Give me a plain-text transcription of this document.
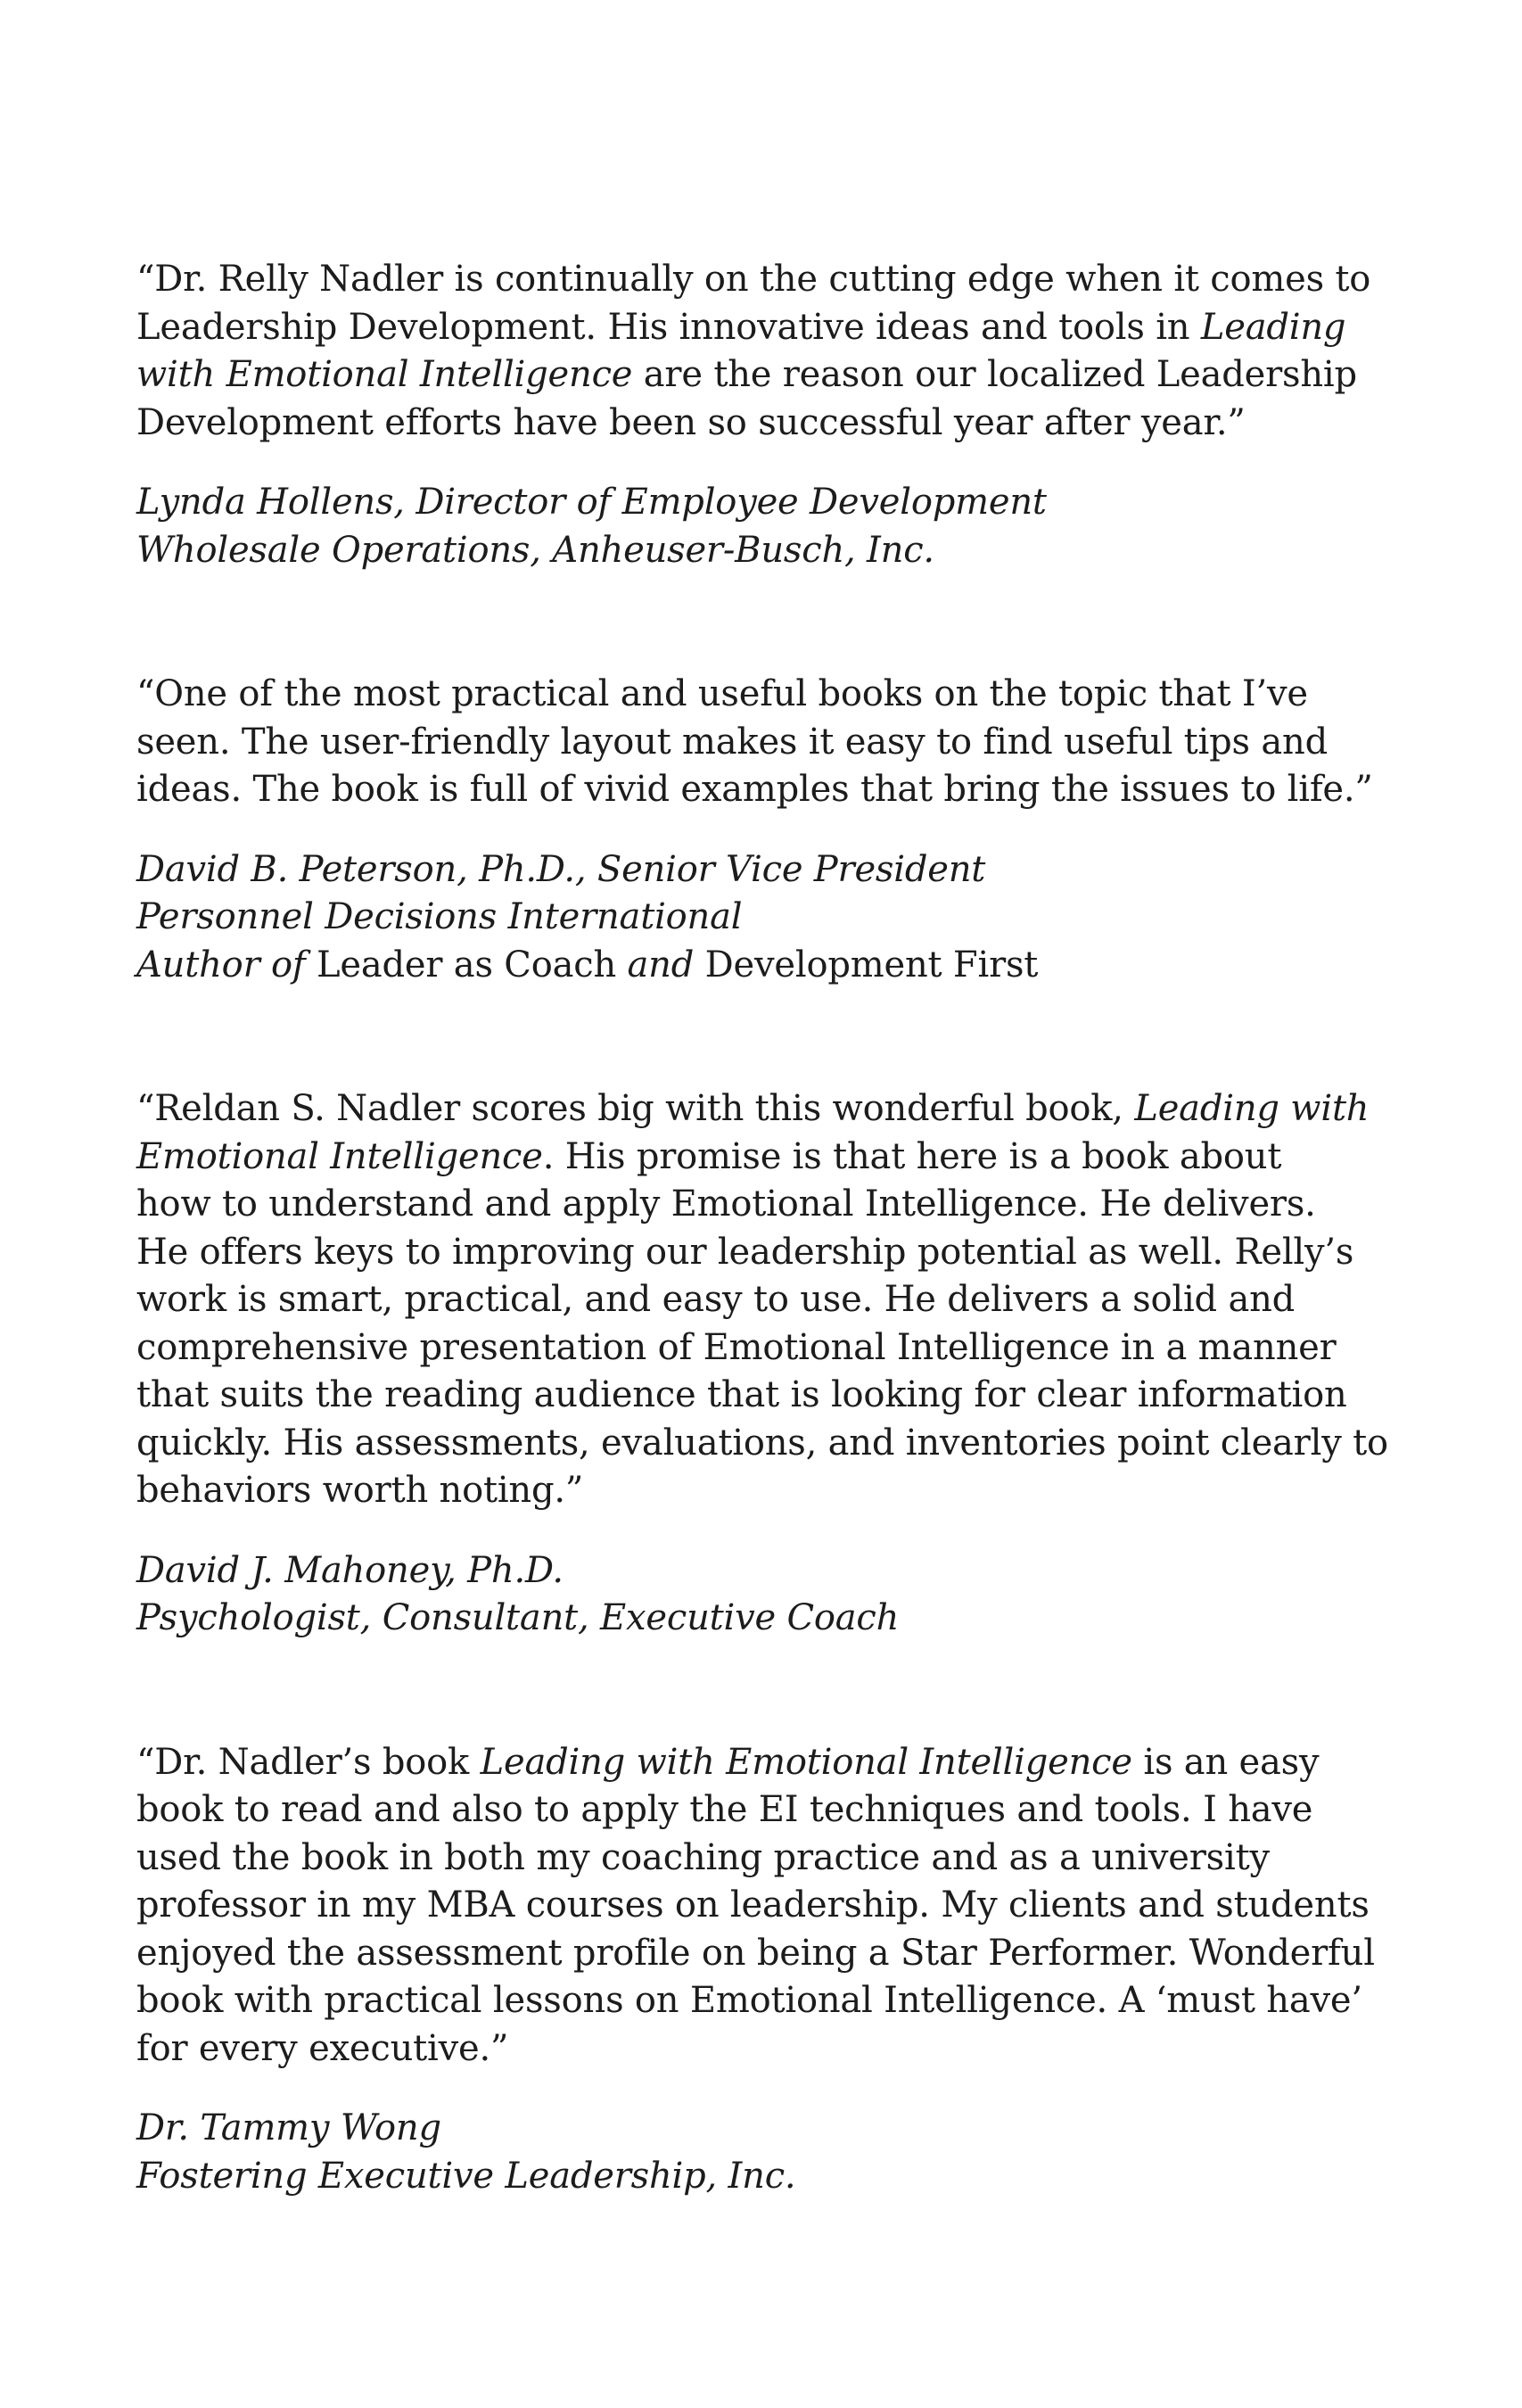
“Dr. Relly Nadler is continually on the cutting edge when it comes to
Leadership Development. His innovative ideas and tools in Leading
with Emotional Intelligence are the reason our localized Leadership
Development efforts have been so successful year after year.”
Lynda Hollens, Director of Employee Development
Wholesale Operations, Anheuser-Busch, Inc.
“One of the most practical and useful books on the topic that I’ve
seen. The user-friendly layout makes it easy to find useful tips and
ideas. The book is full of vivid examples that bring the issues to life.”
David B. Peterson, Ph.D., Senior Vice President
Personnel Decisions International
Author of Leader as Coach and Development First
“Reldan S. Nadler scores big with this wonderful book, Leading with
Emotional Intelligence. His promise is that here is a book about
how to understand and apply Emotional Intelligence. He delivers.
He offers keys to improving our leadership potential as well. Relly’s
work is smart, practical, and easy to use. He delivers a solid and
comprehensive presentation of Emotional Intelligence in a manner
that suits the reading audience that is looking for clear information
quickly. His assessments, evaluations, and inventories point clearly to
behaviors worth noting.”
David J. Mahoney, Ph.D.
Psychologist, Consultant, Executive Coach
“Dr. Nadler’s book Leading with Emotional Intelligence is an easy
book to read and also to apply the EI techniques and tools. I have
used the book in both my coaching practice and as a university
professor in my MBA courses on leadership. My clients and students
enjoyed the assessment profile on being a Star Performer. Wonderful
book with practical lessons on Emotional Intelligence. A ‘must have’
for every executive.”
Dr. Tammy Wong
Fostering Executive Leadership, Inc.
